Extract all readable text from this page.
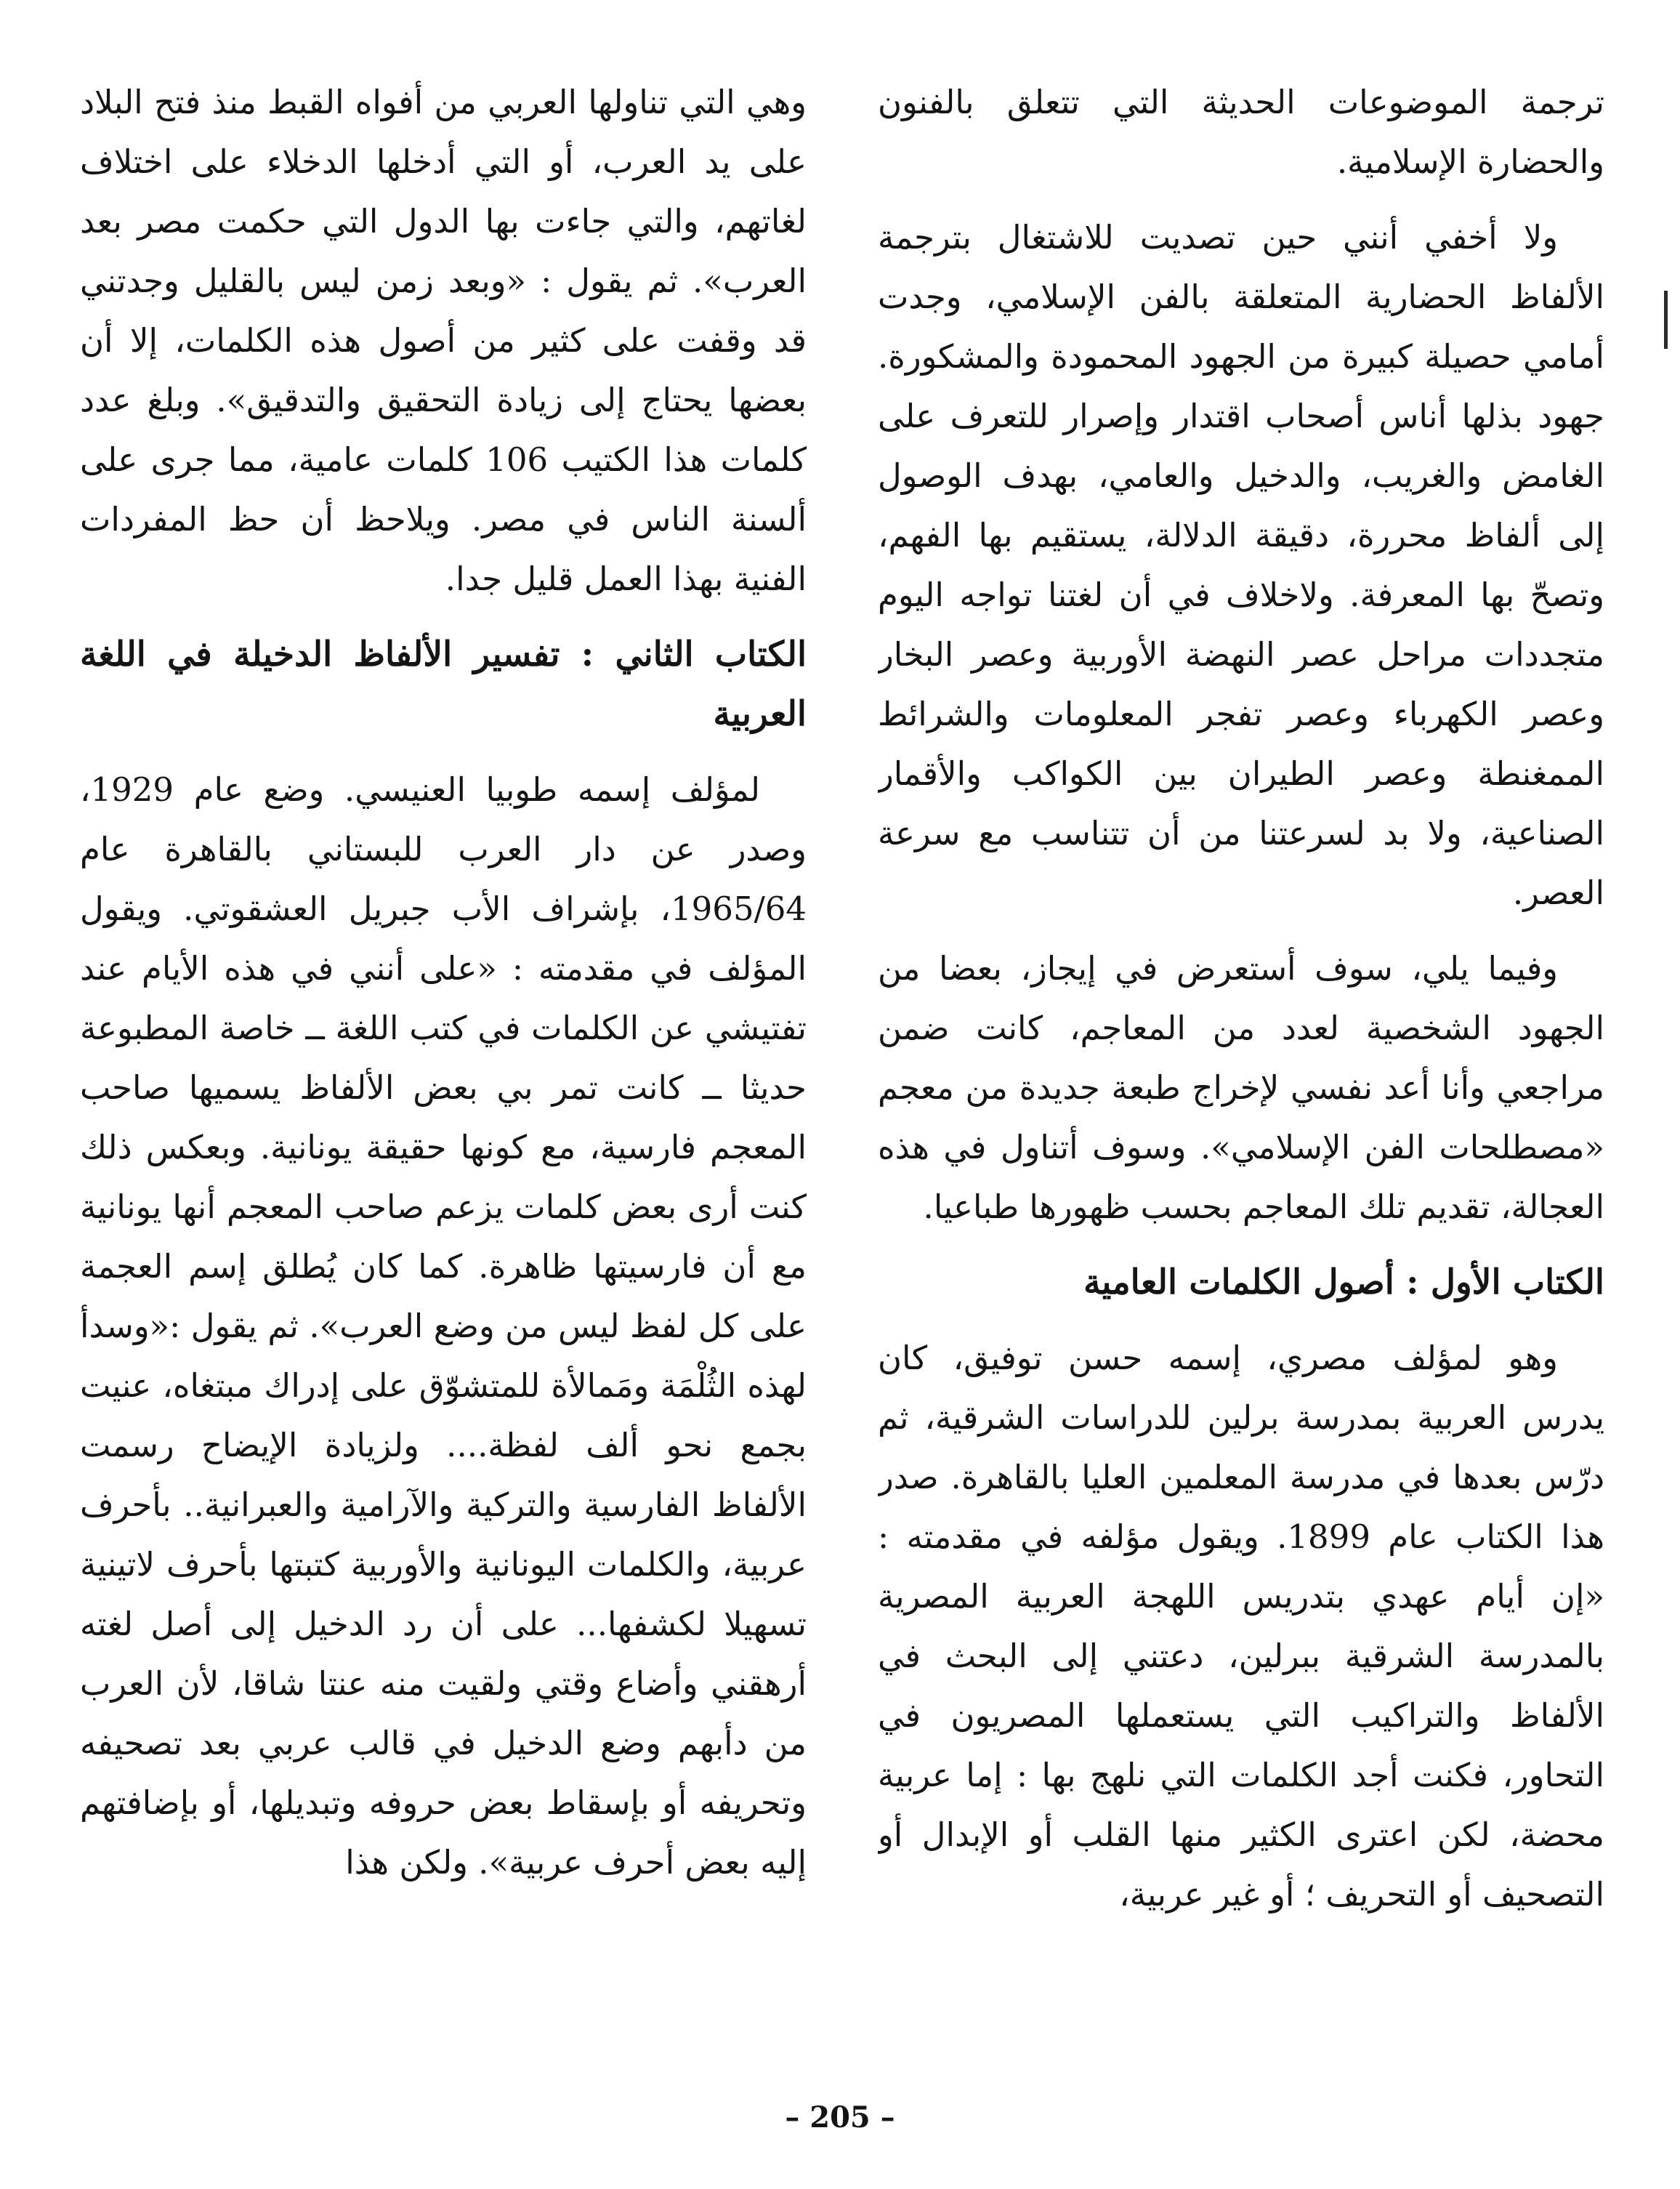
ترجمة الموضوعات الحديثة التي تتعلق بالفنون والحضارة الإسلامية.

ولا أخفي أنني حين تصديت للاشتغال بترجمة الألفاظ الحضارية المتعلقة بالفن الإسلامي، وجدت أمامي حصيلة كبيرة من الجهود المحمودة والمشكورة. جهود بذلها أناس أصحاب اقتدار وإصرار للتعرف على الغامض والغريب، والدخيل والعامي، بهدف الوصول إلى ألفاظ محررة، دقيقة الدلالة، يستقيم بها الفهم، وتصحّ بها المعرفة. ولاخلاف في أن لغتنا تواجه اليوم متجددات مراحل عصر النهضة الأوربية وعصر البخار وعصر الكهرباء وعصر تفجر المعلومات والشرائط الممغنطة وعصر الطيران بين الكواكب والأقمار الصناعية، ولا بد لسرعتنا من أن تتناسب مع سرعة العصر.

وفيما يلي، سوف أستعرض في إيجاز، بعضا من الجهود الشخصية لعدد من المعاجم، كانت ضمن مراجعي وأنا أعد نفسي لإخراج طبعة جديدة من معجم «مصطلحات الفن الإسلامي». وسوف أتناول في هذه العجالة، تقديم تلك المعاجم بحسب ظهورها طباعيا.

الكتاب الأول : أصول الكلمات العامية

وهو لمؤلف مصري، إسمه حسن توفيق، كان يدرس العربية بمدرسة برلين للدراسات الشرقية، ثم درّس بعدها في مدرسة المعلمين العليا بالقاهرة. صدر هذا الكتاب عام 1899. ويقول مؤلفه في مقدمته : «إن أيام عهدي بتدريس اللهجة العربية المصرية بالمدرسة الشرقية ببرلين، دعتني إلى البحث في الألفاظ والتراكيب التي يستعملها المصريون في التحاور، فكنت أجد الكلمات التي نلهج بها : إما عربية محضة، لكن اعترى الكثير منها القلب أو الإبدال أو التصحيف أو التحريف ؛ أو غير عربية،

وهي التي تناولها العربي من أفواه القبط منذ فتح البلاد على يد العرب، أو التي أدخلها الدخلاء على اختلاف لغاتهم، والتي جاءت بها الدول التي حكمت مصر بعد العرب». ثم يقول : «وبعد زمن ليس بالقليل وجدتني قد وقفت على كثير من أصول هذه الكلمات، إلا أن بعضها يحتاج إلى زيادة التحقيق والتدقيق». وبلغ عدد كلمات هذا الكتيب 106 كلمات عامية، مما جرى على ألسنة الناس في مصر. ويلاحظ أن حظ المفردات الفنية بهذا العمل قليل جدا.

الكتاب الثاني : تفسير الألفاظ الدخيلة في اللغة العربية

لمؤلف إسمه طوبيا العنيسي. وضع عام 1929، وصدر عن دار العرب للبستاني بالقاهرة عام 1965/64، بإشراف الأب جبريل العشقوتي. ويقول المؤلف في مقدمته : «على أنني في هذه الأيام عند تفتيشي عن الكلمات في كتب اللغة ــ خاصة المطبوعة حديثا ــ كانت تمر بي بعض الألفاظ يسميها صاحب المعجم فارسية، مع كونها حقيقة يونانية. وبعكس ذلك كنت أرى بعض كلمات يزعم صاحب المعجم أنها يونانية مع أن فارسيتها ظاهرة. كما كان يُطلق إسم العجمة على كل لفظ ليس من وضع العرب». ثم يقول :«وسدأ لهذه الثُلْمَة ومَمالأة للمتشوّق على إدراك مبتغاه، عنيت بجمع نحو ألف لفظة.... ولزيادة الإيضاح رسمت الألفاظ الفارسية والتركية والآرامية والعبرانية.. بأحرف عربية، والكلمات اليونانية والأوربية كتبتها بأحرف لاتينية تسهيلا لكشفها... على أن رد الدخيل إلى أصل لغته أرهقني وأضاع وقتي ولقيت منه عنتا شاقا، لأن العرب من دأبهم وضع الدخيل في قالب عربي بعد تصحيفه وتحريفه أو بإسقاط بعض حروفه وتبديلها، أو بإضافتهم إليه بعض أحرف عربية». ولكن هذا

– 205 –
